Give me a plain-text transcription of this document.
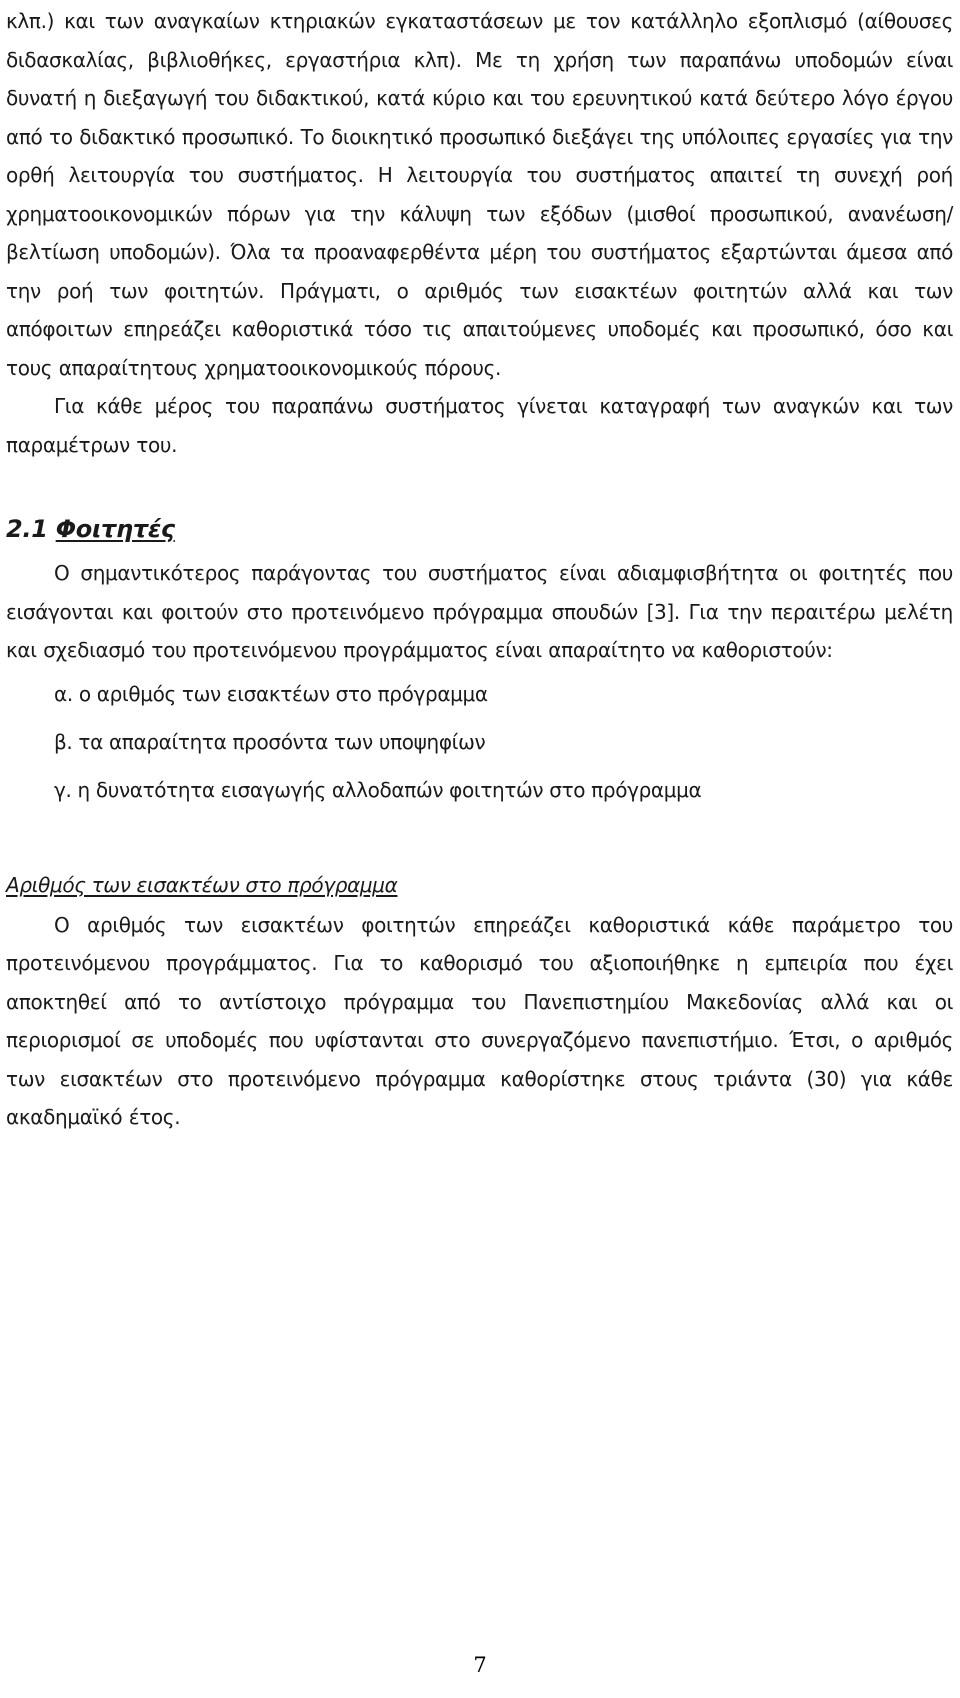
κλπ.) και των αναγκαίων κτηριακών εγκαταστάσεων με τον κατάλληλο εξοπλισμό (αίθουσες διδασκαλίας, βιβλιοθήκες, εργαστήρια κλπ). Με τη χρήση των παραπάνω υποδομών είναι δυνατή η διεξαγωγή του διδακτικού, κατά κύριο και του ερευνητικού κατά δεύτερο λόγο έργου από το διδακτικό προσωπικό. Το διοικητικό προσωπικό διεξάγει της υπόλοιπες εργασίες για την ορθή λειτουργία του συστήματος. Η λειτουργία του συστήματος απαιτεί τη συνεχή ροή χρηματοοικονομικών πόρων για την κάλυψη των εξόδων (μισθοί προσωπικού, ανανέωση/ βελτίωση υποδομών). Όλα τα προαναφερθέντα μέρη του συστήματος εξαρτώνται άμεσα από την ροή των φοιτητών. Πράγματι, ο αριθμός των εισακτέων φοιτητών αλλά και των απόφοιτων επηρεάζει καθοριστικά τόσο τις απαιτούμενες υποδομές και προσωπικό, όσο και τους απαραίτητους χρηματοοικονομικούς πόρους.

Για κάθε μέρος του παραπάνω συστήματος γίνεται καταγραφή των αναγκών και των παραμέτρων του.

2.1 Φοιτητές

Ο σημαντικότερος παράγοντας του συστήματος είναι αδιαμφισβήτητα οι φοιτητές που εισάγονται και φοιτούν στο προτεινόμενο πρόγραμμα σπουδών [3]. Για την περαιτέρω μελέτη και σχεδιασμό του προτεινόμενου προγράμματος είναι απαραίτητο να καθοριστούν:

α. ο αριθμός των εισακτέων στο πρόγραμμα
β. τα απαραίτητα προσόντα των υποψηφίων
γ. η δυνατότητα εισαγωγής αλλοδαπών φοιτητών στο πρόγραμμα
Αριθμός των εισακτέων στο πρόγραμμα

Ο αριθμός των εισακτέων φοιτητών επηρεάζει καθοριστικά κάθε παράμετρο του προτεινόμενου προγράμματος. Για το καθορισμό του αξιοποιήθηκε η εμπειρία που έχει αποκτηθεί από το αντίστοιχο πρόγραμμα του Πανεπιστημίου Μακεδονίας αλλά και οι περιορισμοί σε υποδομές που υφίστανται στο συνεργαζόμενο πανεπιστήμιο. Έτσι, ο αριθμός των εισακτέων στο προτεινόμενο πρόγραμμα καθορίστηκε στους τριάντα (30) για κάθε ακαδημαϊκό έτος.

7
